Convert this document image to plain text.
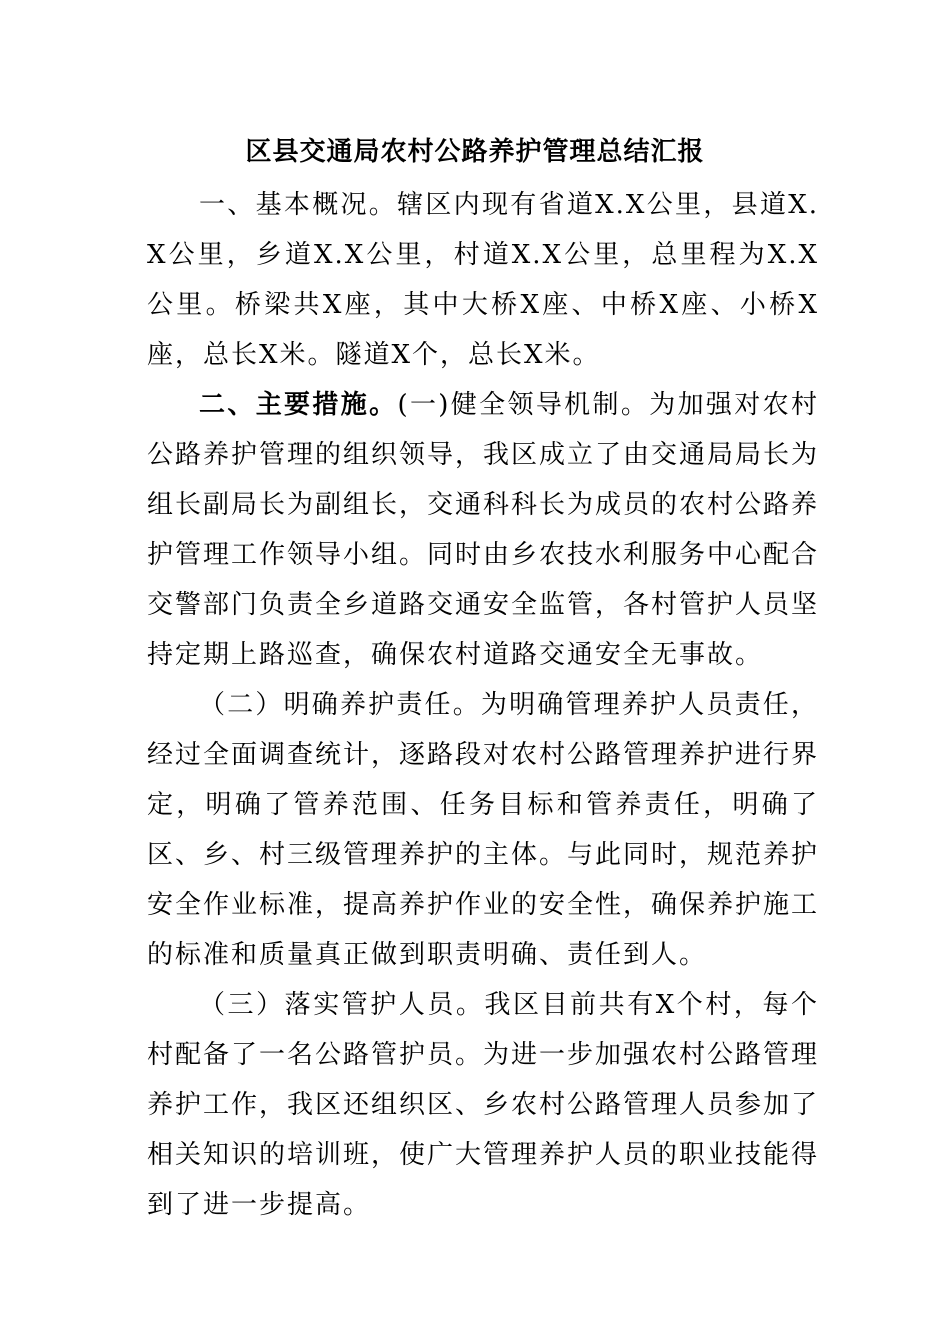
区县交通局农村公路养护管理总结汇报

一、基本概况。辖区内现有省道X.X公里，县道X.X公里，乡道X.X公里，村道X.X公里，总里程为X.X公里。桥梁共X座，其中大桥X座、中桥X座、小桥X座，总长X米。隧道X个，总长X米。

二、主要措施。(一)健全领导机制。为加强对农村公路养护管理的组织领导，我区成立了由交通局局长为组长副局长为副组长，交通科科长为成员的农村公路养护管理工作领导小组。同时由乡农技水利服务中心配合交警部门负责全乡道路交通安全监管，各村管护人员坚持定期上路巡查，确保农村道路交通安全无事故。

（二）明确养护责任。为明确管理养护人员责任，经过全面调查统计，逐路段对农村公路管理养护进行界定，明确了管养范围、任务目标和管养责任，明确了区、乡、村三级管理养护的主体。与此同时，规范养护安全作业标准，提高养护作业的安全性，确保养护施工的标准和质量真正做到职责明确、责任到人。

（三）落实管护人员。我区目前共有X个村，每个村配备了一名公路管护员。为进一步加强农村公路管理养护工作，我区还组织区、乡农村公路管理人员参加了相关知识的培训班，使广大管理养护人员的职业技能得到了进一步提高。
